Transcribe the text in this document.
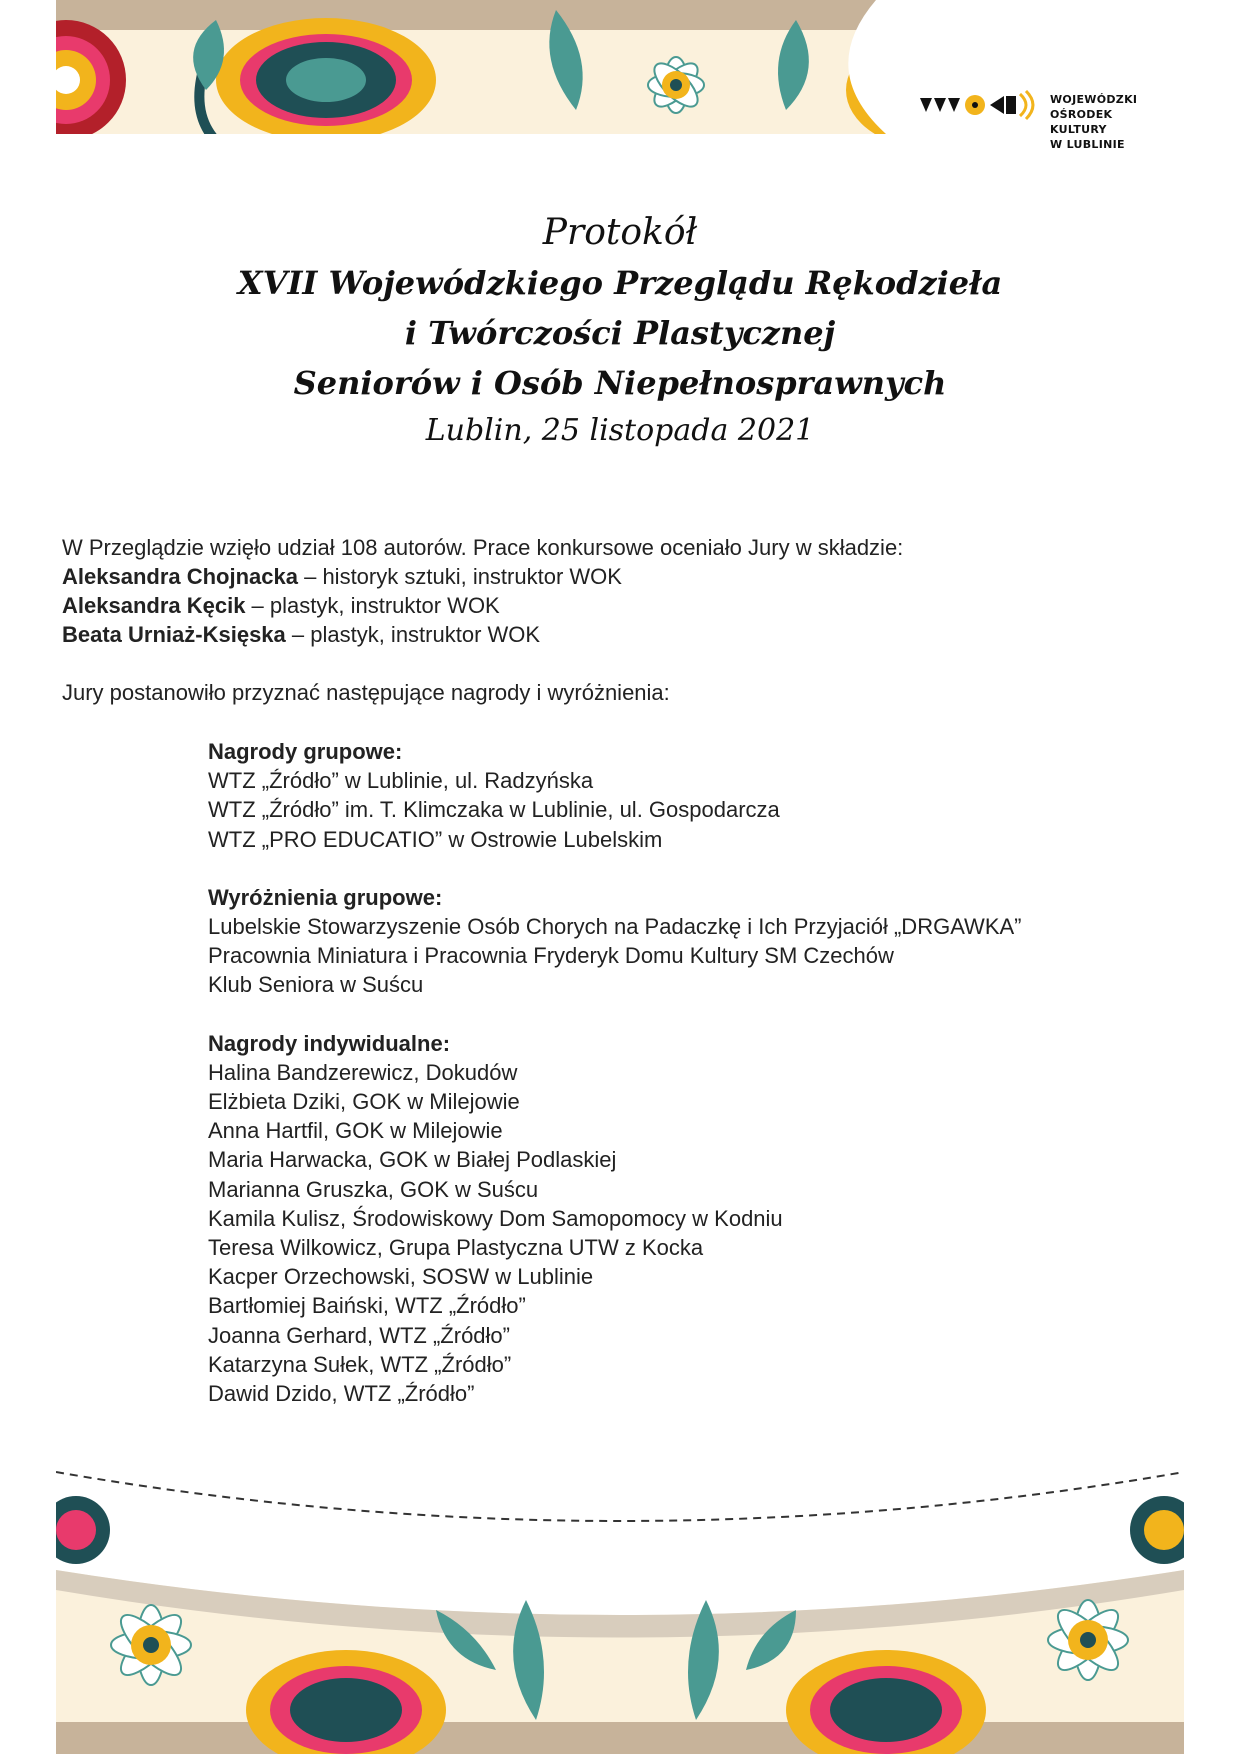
WOJEWÓDZKI
OŚRODEK
KULTURY
W LUBLINIE
Protokół
XVII Wojewódzkiego Przeglądu Rękodzieła
i Twórczości Plastycznej
Seniorów i Osób Niepełnosprawnych
Lublin, 25 listopada 2021

W Przeglądzie wzięło udział 108 autorów. Prace konkursowe oceniało Jury w składzie:

Aleksandra Chojnacka – historyk sztuki, instruktor WOK

Aleksandra Kęcik – plastyk, instruktor WOK

Beata Urniaż-Księska – plastyk, instruktor WOK

Jury postanowiło przyznać następujące nagrody i wyróżnienia:

Nagrody grupowe:
WTZ „Źródło” w Lublinie, ul. Radzyńska
WTZ „Źródło” im. T. Klimczaka w Lublinie, ul. Gospodarcza
WTZ „PRO EDUCATIO” w Ostrowie Lubelskim
Wyróżnienia grupowe:
Lubelskie Stowarzyszenie Osób Chorych na Padaczkę i Ich Przyjaciół „DRGAWKA”
Pracownia Miniatura i Pracownia Fryderyk Domu Kultury SM Czechów
Klub Seniora w Suścu
Nagrody indywidualne:
Halina Bandzerewicz, Dokudów
Elżbieta Dziki, GOK w Milejowie
Anna Hartfil, GOK w Milejowie
Maria Harwacka, GOK w Białej Podlaskiej
Marianna Gruszka, GOK w Suścu
Kamila Kulisz, Środowiskowy Dom Samopomocy w Kodniu
Teresa Wilkowicz, Grupa Plastyczna UTW z Kocka
Kacper Orzechowski, SOSW w Lublinie
Bartłomiej Baiński, WTZ „Źródło”
Joanna Gerhard, WTZ „Źródło”
Katarzyna Sułek, WTZ „Źródło”
Dawid Dzido, WTZ „Źródło”
